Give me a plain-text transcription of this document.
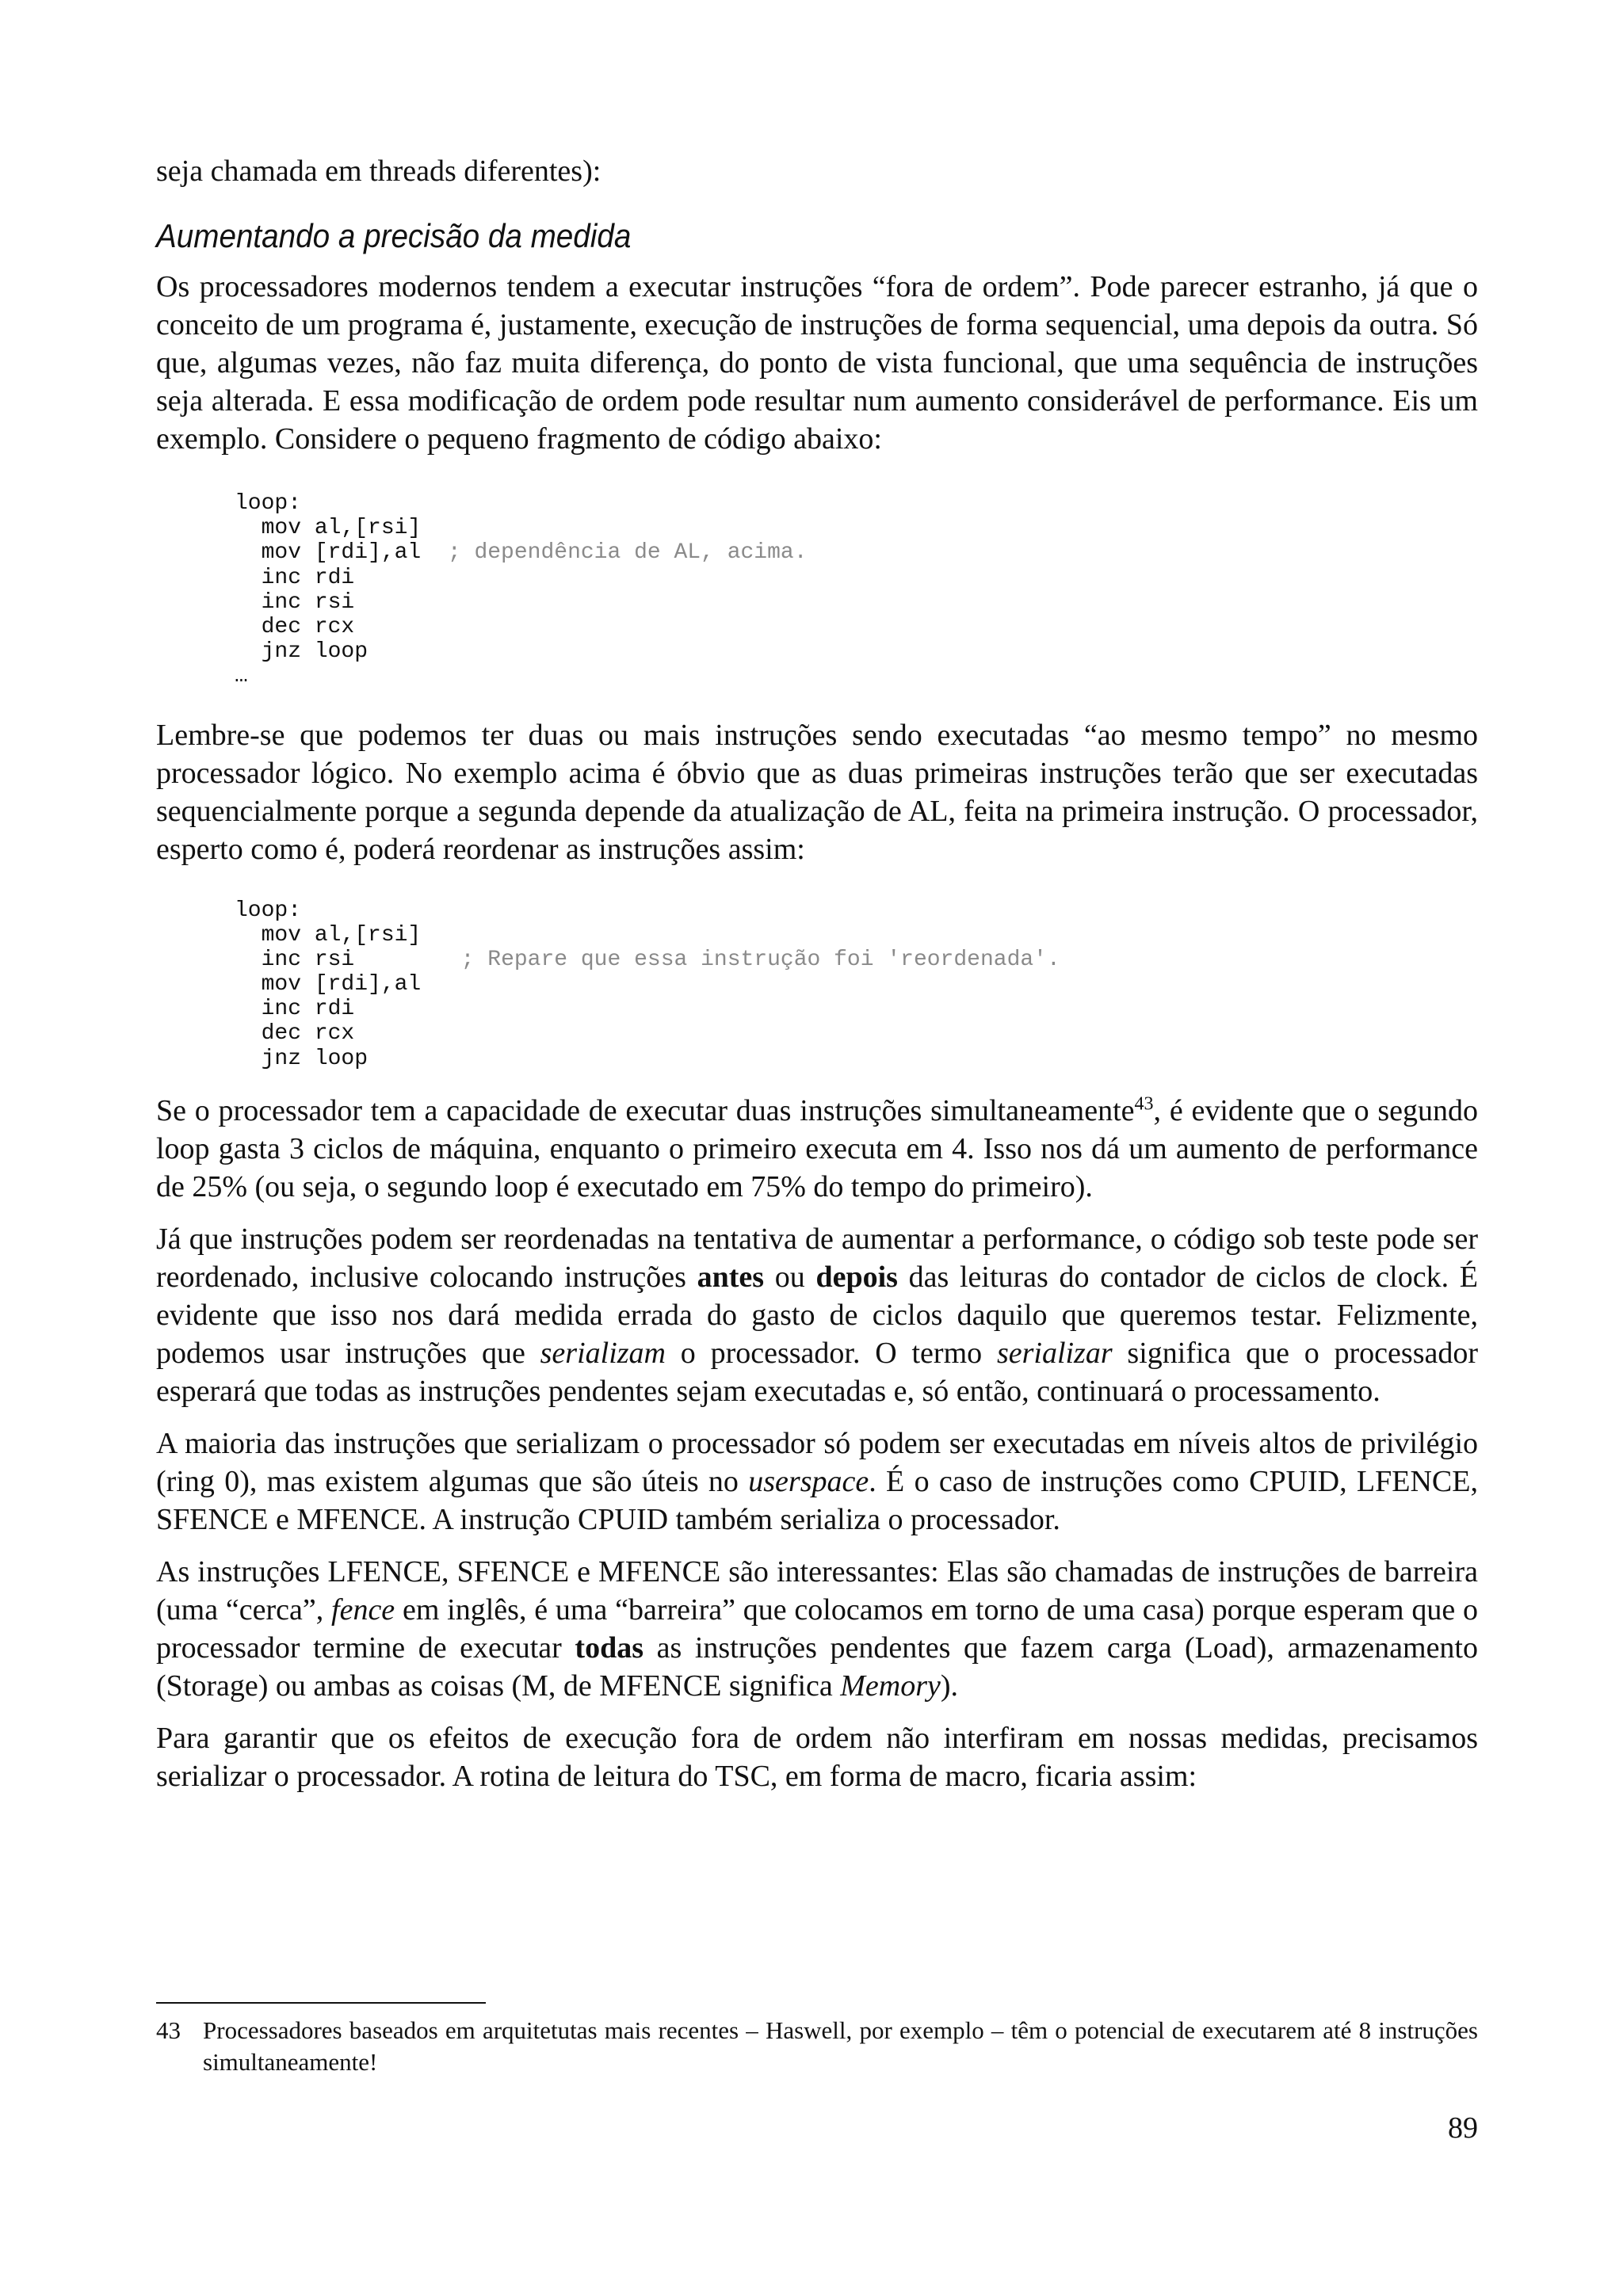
seja chamada em threads diferentes):

Aumentando a precisão da medida

Os processadores modernos tendem a executar instruções “fora de ordem”. Pode parecer estranho, já que o conceito de um programa é, justamente, execução de instruções de forma sequencial, uma depois da outra. Só que, algumas vezes, não faz muita diferença, do ponto de vista funcional, que uma sequência de instruções seja alterada. E essa modificação de ordem pode resultar num aumento considerável de performance. Eis um exemplo. Considere o pequeno fragmento de código abaixo:

loop:
mov al,[rsi]
mov [rdi],al  ; dependência de AL, acima.
inc rdi
inc rsi
dec rcx
jnz loop
…

Lembre-se que podemos ter duas ou mais instruções sendo executadas “ao mesmo tempo” no mesmo processador lógico. No exemplo acima é óbvio que as duas primeiras instruções terão que ser executadas sequencialmente porque a segunda depende da atualização de AL, feita na primeira instrução. O processador, esperto como é, poderá reordenar as instruções assim:

loop:
mov al,[rsi]
inc rsi        ; Repare que essa instrução foi 'reordenada'.
mov [rdi],al
inc rdi
dec rcx
jnz loop

Se o processador tem a capacidade de executar duas instruções simultaneamente$^{43}$, é evidente que o segundo loop gasta 3 ciclos de máquina, enquanto o primeiro executa em 4. Isso nos dá um aumento de performance de 25% (ou seja, o segundo loop é executado em 75% do tempo do primeiro).

Já que instruções podem ser reordenadas na tentativa de aumentar a performance, o código sob teste pode ser reordenado, inclusive colocando instruções antes ou depois das leituras do contador de ciclos de clock. É evidente que isso nos dará medida errada do gasto de ciclos daquilo que queremos testar. Felizmente, podemos usar instruções que serializam o processador. O termo serializar significa que o processador esperará que todas as instruções pendentes sejam executadas e, só então, continuará o processamento.

A maioria das instruções que serializam o processador só podem ser executadas em níveis altos de privilégio (ring 0), mas existem algumas que são úteis no userspace. É o caso de instruções como CPUID, LFENCE, SFENCE e MFENCE. A instrução CPUID também serializa o processador.

As instruções LFENCE, SFENCE e MFENCE são interessantes: Elas são chamadas de instruções de barreira (uma “cerca”, fence em inglês, é uma “barreira” que colocamos em torno de uma casa) porque esperam que o processador termine de executar todas as instruções pendentes que fazem carga (Load), armazenamento (Storage) ou ambas as coisas (M, de MFENCE significa Memory).

Para garantir que os efeitos de execução fora de ordem não interfiram em nossas medidas, precisamos serializar o processador. A rotina de leitura do TSC, em forma de macro, ficaria assim:

43 Processadores baseados em arquitetutas mais recentes – Haswell, por exemplo – têm o potencial de executarem até 8 instruções simultaneamente!
89
